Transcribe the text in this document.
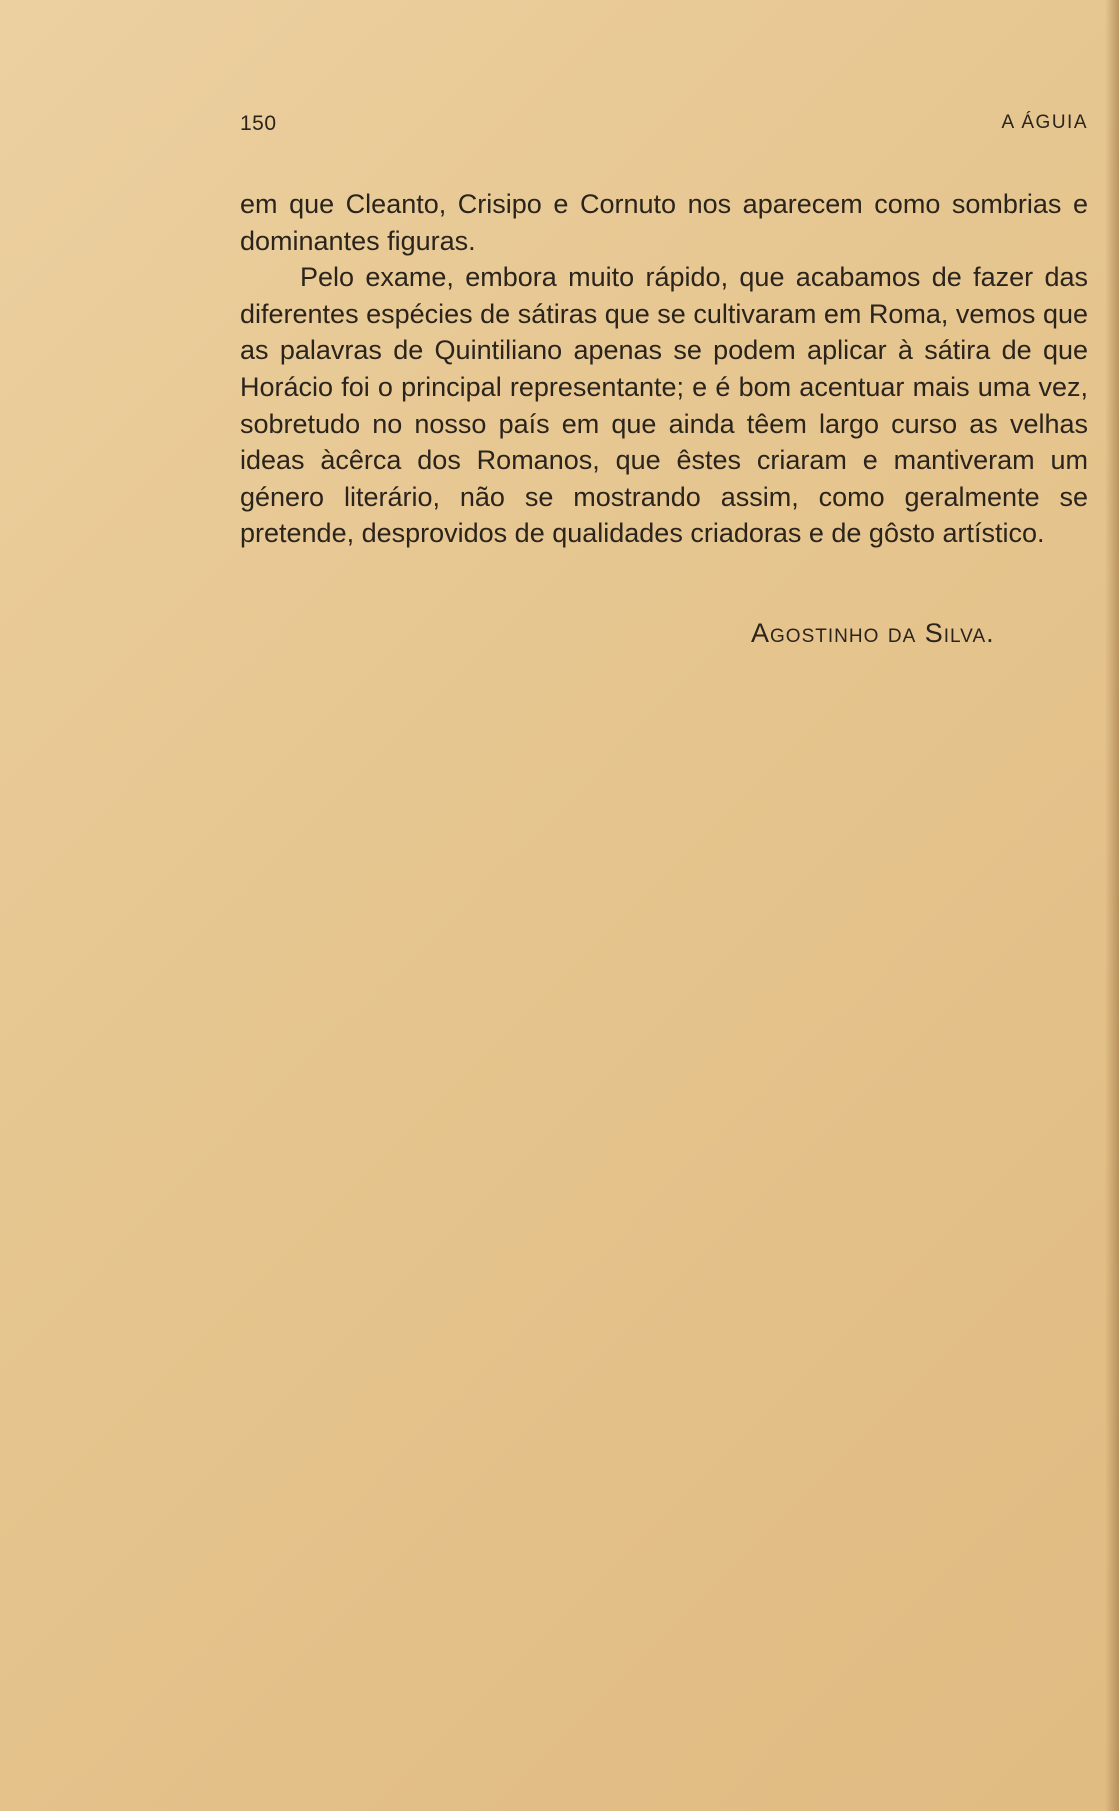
150	A ÁGUIA

em que Cleanto, Crisipo e Cornuto nos aparecem como sombrias e dominantes figuras.

Pelo exame, embora muito rápido, que acabamos de fazer das diferentes espécies de sátiras que se cultivaram em Roma, vemos que as palavras de Quintiliano apenas se podem aplicar à sátira de que Horácio foi o principal representante; e é bom acentuar mais uma vez, sobretudo no nosso país em que ainda têem largo curso as velhas ideas àcêrca dos Romanos, que êstes criaram e mantiveram um género literário, não se mostrando assim, como geralmente se pretende, desprovidos de qualidades criadoras e de gôsto artístico.

Agostinho da Silva.
